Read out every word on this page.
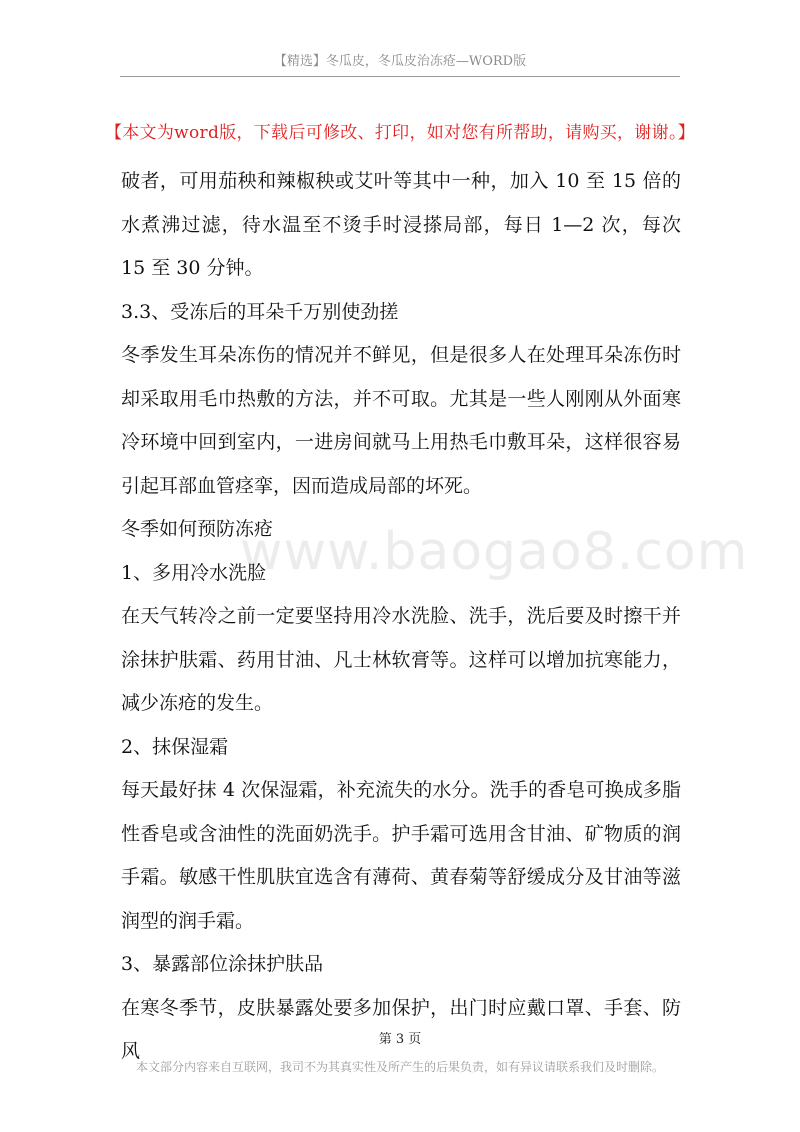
【精选】冬瓜皮，冬瓜皮治冻疮—WORD版
【本文为word版，下载后可修改、打印，如对您有所帮助，请购买，谢谢。】
www.baogao8.com

破者，可用茄秧和辣椒秧或艾叶等其中一种，加入 10 至 15 倍的水煮沸过滤，待水温至不烫手时浸搽局部，每日 1—2 次，每次 15 至 30 分钟。

3.3、受冻后的耳朵千万别使劲搓

冬季发生耳朵冻伤的情况并不鲜见，但是很多人在处理耳朵冻伤时却采取用毛巾热敷的方法，并不可取。尤其是一些人刚刚从外面寒冷环境中回到室内，一进房间就马上用热毛巾敷耳朵，这样很容易引起耳部血管痉挛，因而造成局部的坏死。

冬季如何预防冻疮

1、多用冷水洗脸

在天气转冷之前一定要坚持用冷水洗脸、洗手，洗后要及时擦干并涂抹护肤霜、药用甘油、凡士林软膏等。这样可以增加抗寒能力，减少冻疮的发生。

2、抹保湿霜

每天最好抹 4 次保湿霜，补充流失的水分。洗手的香皂可换成多脂性香皂或含油性的洗面奶洗手。护手霜可选用含甘油、矿物质的润手霜。敏感干性肌肤宜选含有薄荷、黄春菊等舒缓成分及甘油等滋润型的润手霜。

3、暴露部位涂抹护肤品

在寒冬季节，皮肤暴露处要多加保护，出门时应戴口罩、手套、防风

第 3 页
本文部分内容来自互联网，我司不为其真实性及所产生的后果负责，如有异议请联系我们及时删除。
